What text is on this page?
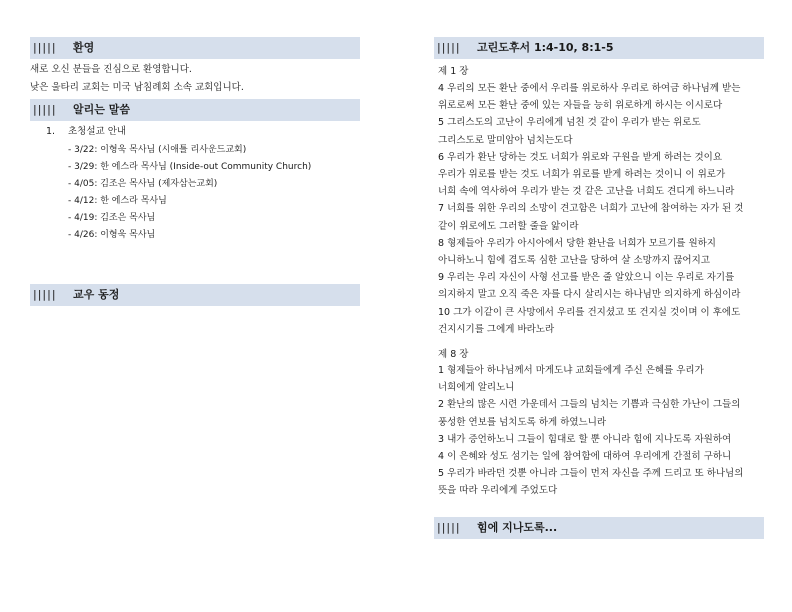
||||| 환영
새로 오신 분들을 진심으로 환영합니다.
낮은 울타리 교회는 미국 남침례회 소속 교회입니다.
||||| 알리는 말씀
1. 초청설교 안내
- 3/22: 이형욱 목사님 (시애틀 리사운드교회)
- 3/29: 한 에스라 목사님 (Inside-out Community Church)
- 4/05: 김조은 목사님 (제자삼는교회)
- 4/12: 한 에스라 목사님
- 4/19: 김조은 목사님
- 4/26: 이형욱 목사님
||||| 교우 동정
||||| 고린도후서 1:4-10, 8:1-5
제 1 장
4 우리의 모든 환난 중에서 우리를 위로하사 우리로 하여금 하나님께 받는
위로로써 모든 환난 중에 있는 자들을 능히 위로하게 하시는 이시로다
5 그리스도의 고난이 우리에게 넘친 것 같이 우리가 받는 위로도
그리스도로 말미암아 넘치는도다
6 우리가 환난 당하는 것도 너희가 위로와 구원을 받게 하려는 것이요
우리가 위로를 받는 것도 너희가 위로를 받게 하려는 것이니 이 위로가
너희 속에 역사하여 우리가 받는 것 같은 고난을 너희도 견디게 하느니라
7 너희를 위한 우리의 소망이 견고함은 너희가 고난에 참여하는 자가 된 것
같이 위로에도 그러할 줄을 앎이라
8 형제들아 우리가 아시아에서 당한 환난을 너희가 모르기를 원하지
아니하노니 힘에 겹도록 심한 고난을 당하여 살 소망까지 끊어지고
9 우리는 우리 자신이 사형 선고를 받은 줄 알았으니 이는 우리로 자기를
의지하지 말고 오직 죽은 자를 다시 살리시는 하나님만 의지하게 하심이라
10 그가 이같이 큰 사망에서 우리를 건지셨고 또 건지실 것이며 이 후에도
건지시기를 그에게 바라노라
제 8 장
1 형제들아 하나님께서 마게도냐 교회들에게 주신 은혜를 우리가
너희에게 알리노니
2 환난의 많은 시련 가운데서 그들의 넘치는 기쁨과 극심한 가난이 그들의
풍성한 연보를 넘치도록 하게 하였느니라
3 내가 증언하노니 그들이 힘대로 할 뿐 아니라 힘에 지나도록 자원하여
4 이 은혜와 성도 섬기는 일에 참여함에 대하여 우리에게 간절히 구하니
5 우리가 바라던 것뿐 아니라 그들이 먼저 자신을 주께 드리고 또 하나님의
뜻을 따라 우리에게 주었도다
||||| 힘에 지나도록...
